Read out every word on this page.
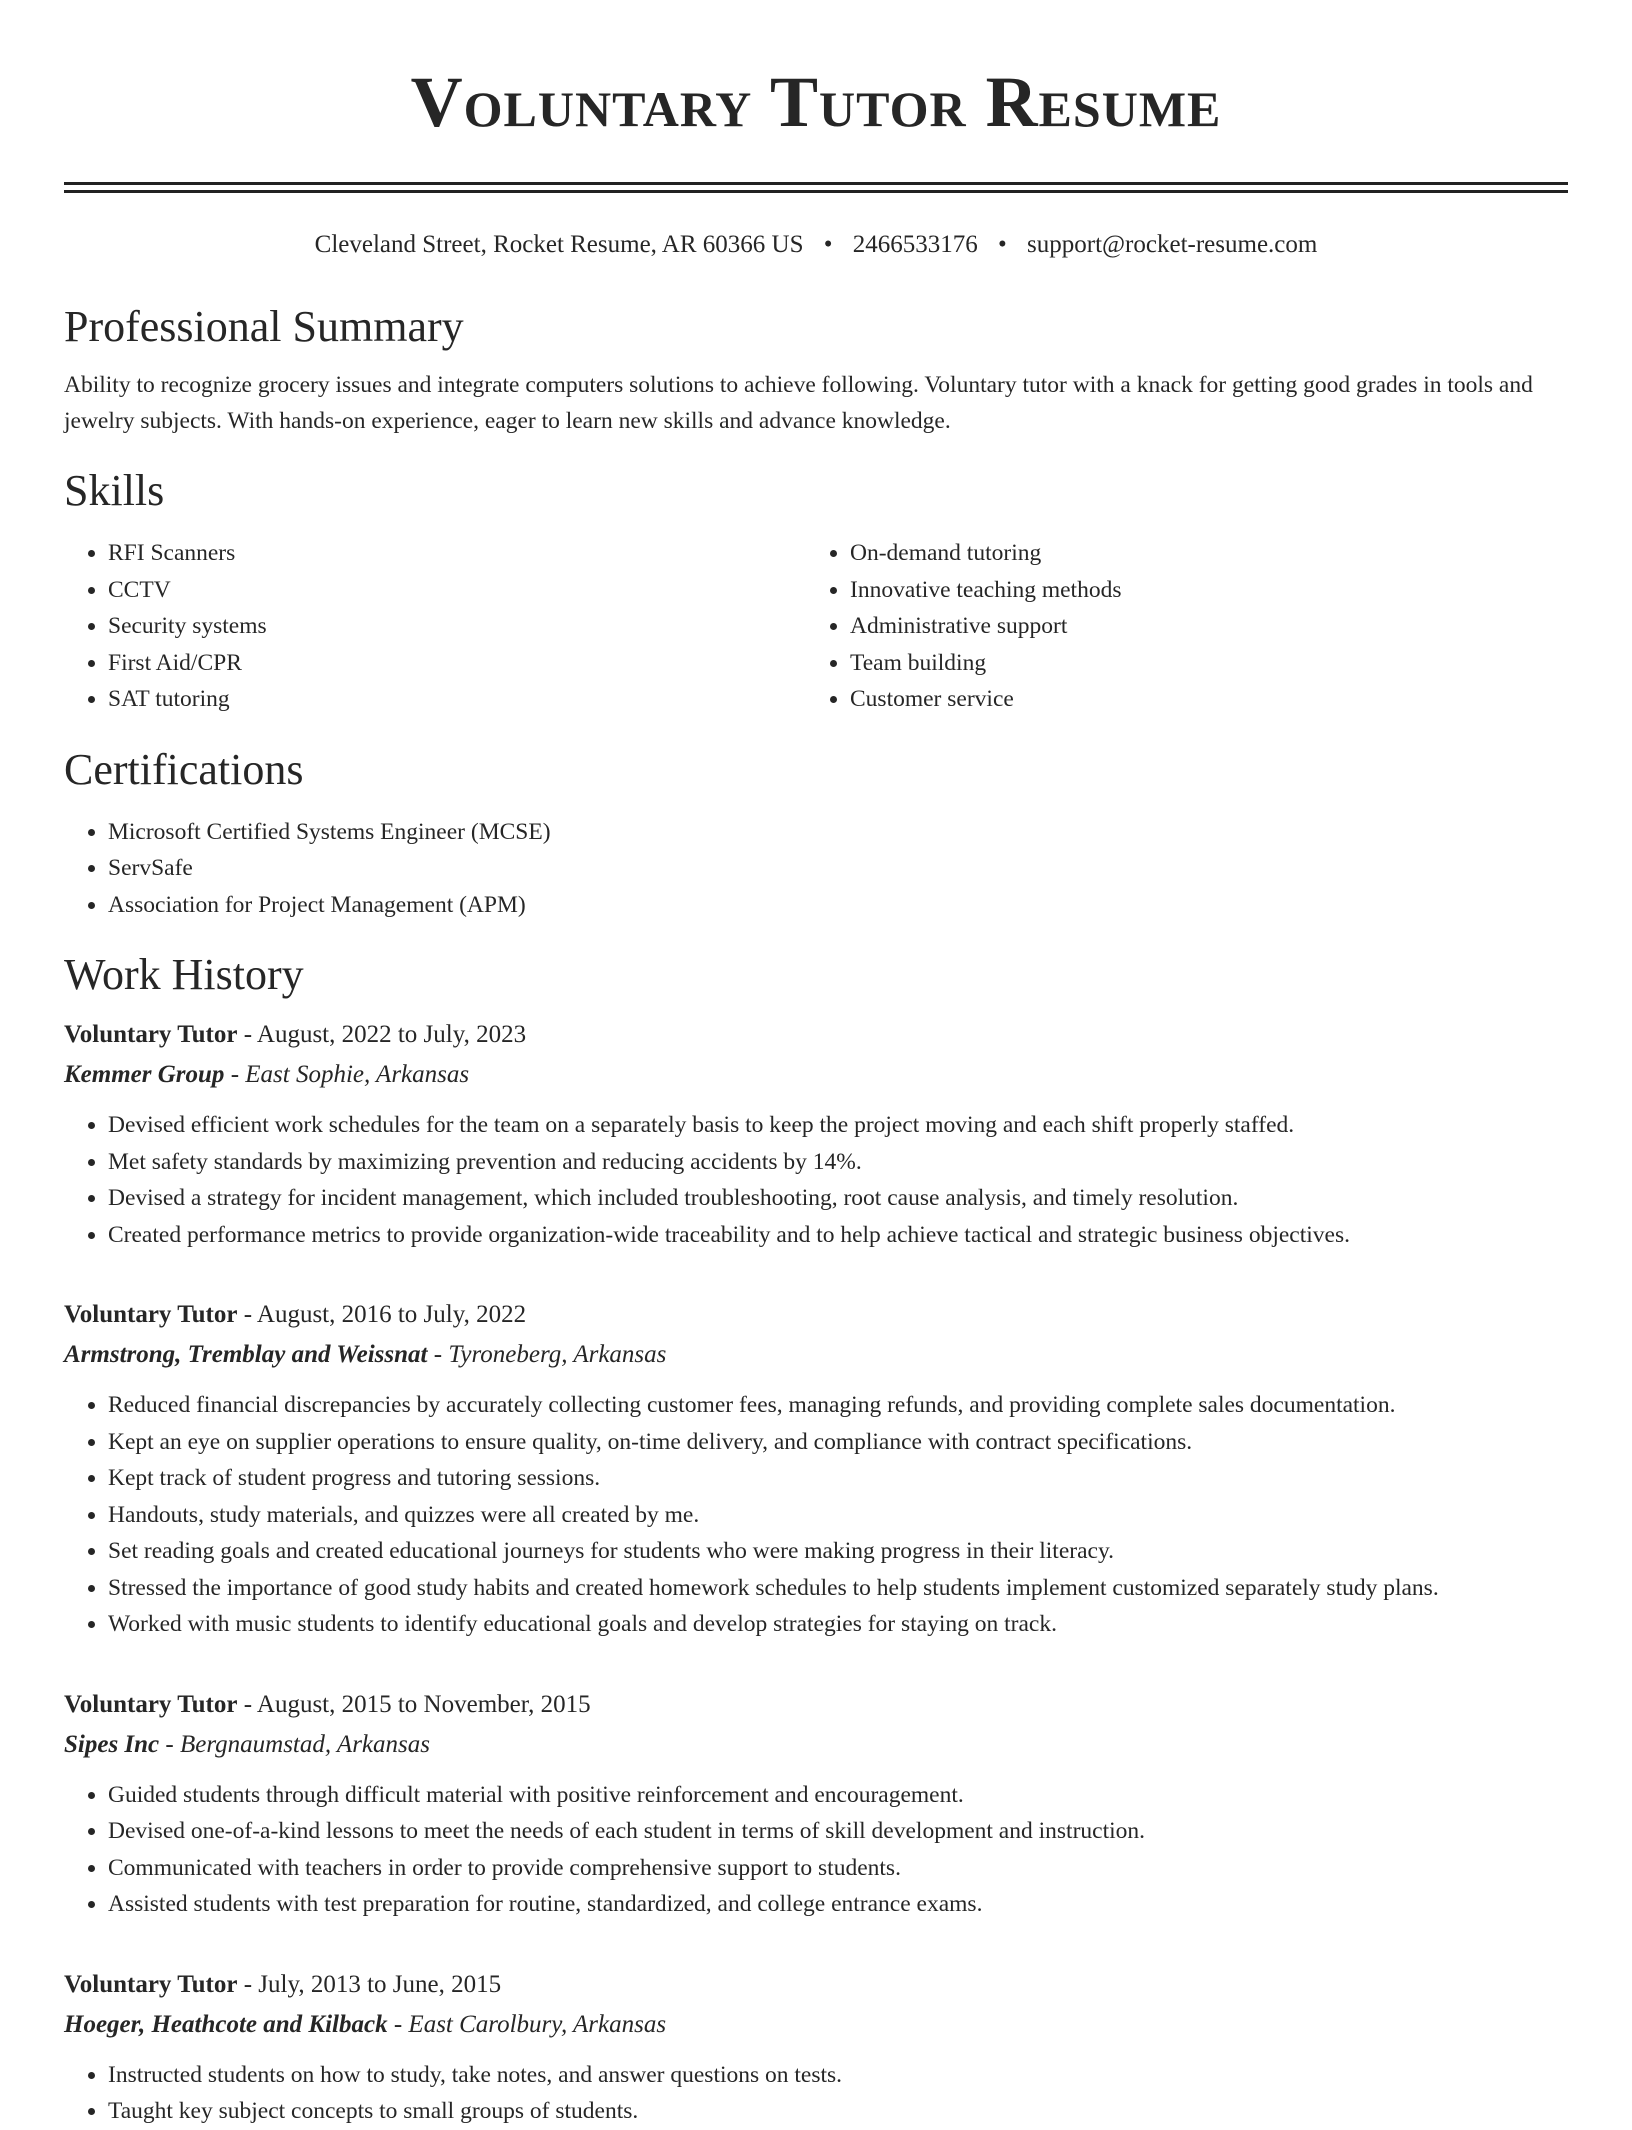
Voluntary Tutor Resume
Cleveland Street, Rocket Resume, AR 60366 US • 2466533176 • support@rocket-resume.com
Professional Summary

Ability to recognize grocery issues and integrate computers solutions to achieve following. Voluntary tutor with a knack for getting good grades in tools and jewelry subjects. With hands-on experience, eager to learn new skills and advance knowledge.

Skills
• RFI Scanners
• CCTV
• Security systems
• First Aid/CPR
• SAT tutoring
• On-demand tutoring
• Innovative teaching methods
• Administrative support
• Team building
• Customer service
Certifications
• Microsoft Certified Systems Engineer (MCSE)
• ServSafe
• Association for Project Management (APM)
Work History
Voluntary Tutor - August, 2022 to July, 2023
Kemmer Group - East Sophie, Arkansas
• Devised efficient work schedules for the team on a separately basis to keep the project moving and each shift properly staffed.
• Met safety standards by maximizing prevention and reducing accidents by 14%.
• Devised a strategy for incident management, which included troubleshooting, root cause analysis, and timely resolution.
• Created performance metrics to provide organization-wide traceability and to help achieve tactical and strategic business objectives.
Voluntary Tutor - August, 2016 to July, 2022
Armstrong, Tremblay and Weissnat - Tyroneberg, Arkansas
• Reduced financial discrepancies by accurately collecting customer fees, managing refunds, and providing complete sales documentation.
• Kept an eye on supplier operations to ensure quality, on-time delivery, and compliance with contract specifications.
• Kept track of student progress and tutoring sessions.
• Handouts, study materials, and quizzes were all created by me.
• Set reading goals and created educational journeys for students who were making progress in their literacy.
• Stressed the importance of good study habits and created homework schedules to help students implement customized separately study plans.
• Worked with music students to identify educational goals and develop strategies for staying on track.
Voluntary Tutor - August, 2015 to November, 2015
Sipes Inc - Bergnaumstad, Arkansas
• Guided students through difficult material with positive reinforcement and encouragement.
• Devised one-of-a-kind lessons to meet the needs of each student in terms of skill development and instruction.
• Communicated with teachers in order to provide comprehensive support to students.
• Assisted students with test preparation for routine, standardized, and college entrance exams.
Voluntary Tutor - July, 2013 to June, 2015
Hoeger, Heathcote and Kilback - East Carolbury, Arkansas
• Instructed students on how to study, take notes, and answer questions on tests.
• Taught key subject concepts to small groups of students.
